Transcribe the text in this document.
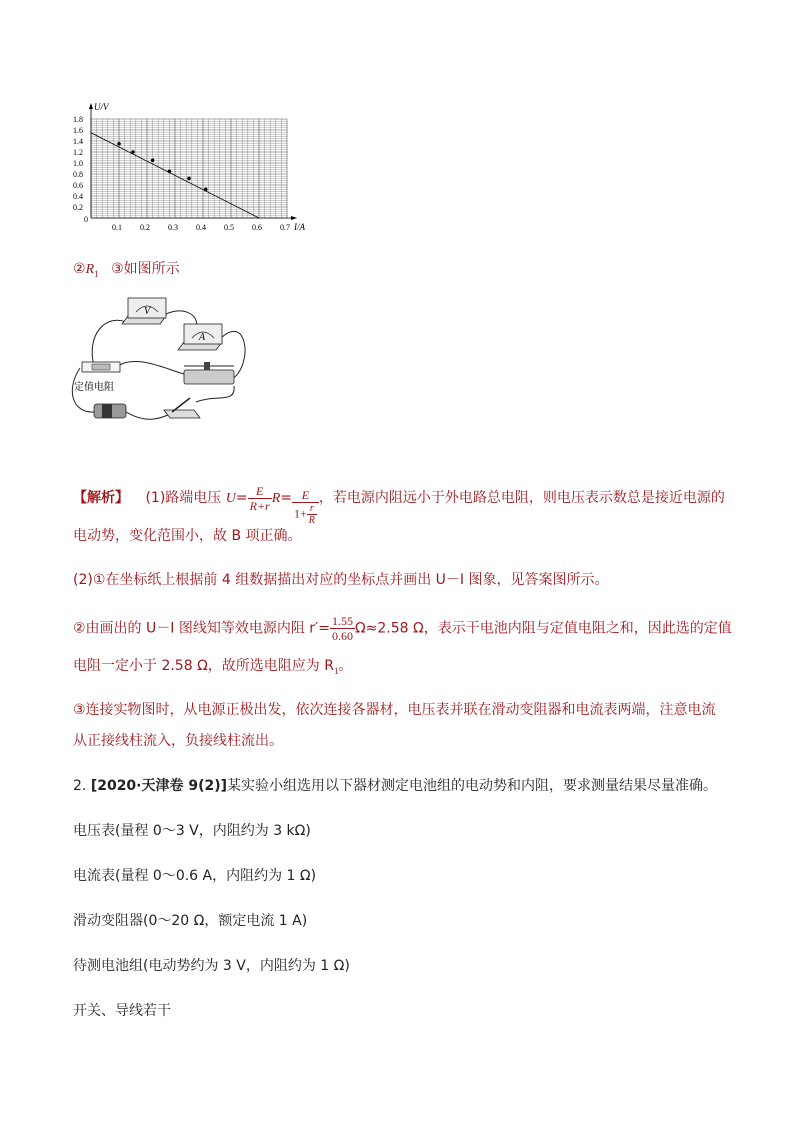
U/V
I/A
0
1.8
1.6
1.4
1.2
1.0
0.8
0.6
0.4
0.2
0.1 0.2 0.3 0.4 0.5 0.6 0.7
$②R_1$ ③如图所示
V
A
定值电阻
【解析】 (1)路端电压 $U= \frac{E}{R+r} R= \frac{E}{1+ \frac{r}{R}}$ ，若电源内阻远小于外电路总电阻，则电压表示数总是接近电源的
电动势，变化范围小，故 B 项正确。
(2)①在坐标纸上根据前 4 组数据描出对应的坐标点并画出 U－I 图象，见答案图所示。
②由画出的 U－I 图线知等效电源内阻 $r'= \frac{1.55}{0.60} \Omega\approx 2.58$ Ω，表示干电池内阻与定值电阻之和，因此选的定值
电阻一定小于 2.58 Ω，故所选电阻应为 $R_1$。
③连接实物图时，从电源正极出发，依次连接各器材，电压表并联在滑动变阻器和电流表两端，注意电流
从正接线柱流入，负接线柱流出。
2. [2020·天津卷 9(2)]某实验小组选用以下器材测定电池组的电动势和内阻，要求测量结果尽量准确。
电压表(量程 0～3 V，内阻约为 3 kΩ)
电流表(量程 0～0.6 A，内阻约为 1 Ω)
滑动变阻器(0～20 Ω，额定电流 1 A)
待测电池组(电动势约为 3 V，内阻约为 1 Ω)
开关、导线若干
